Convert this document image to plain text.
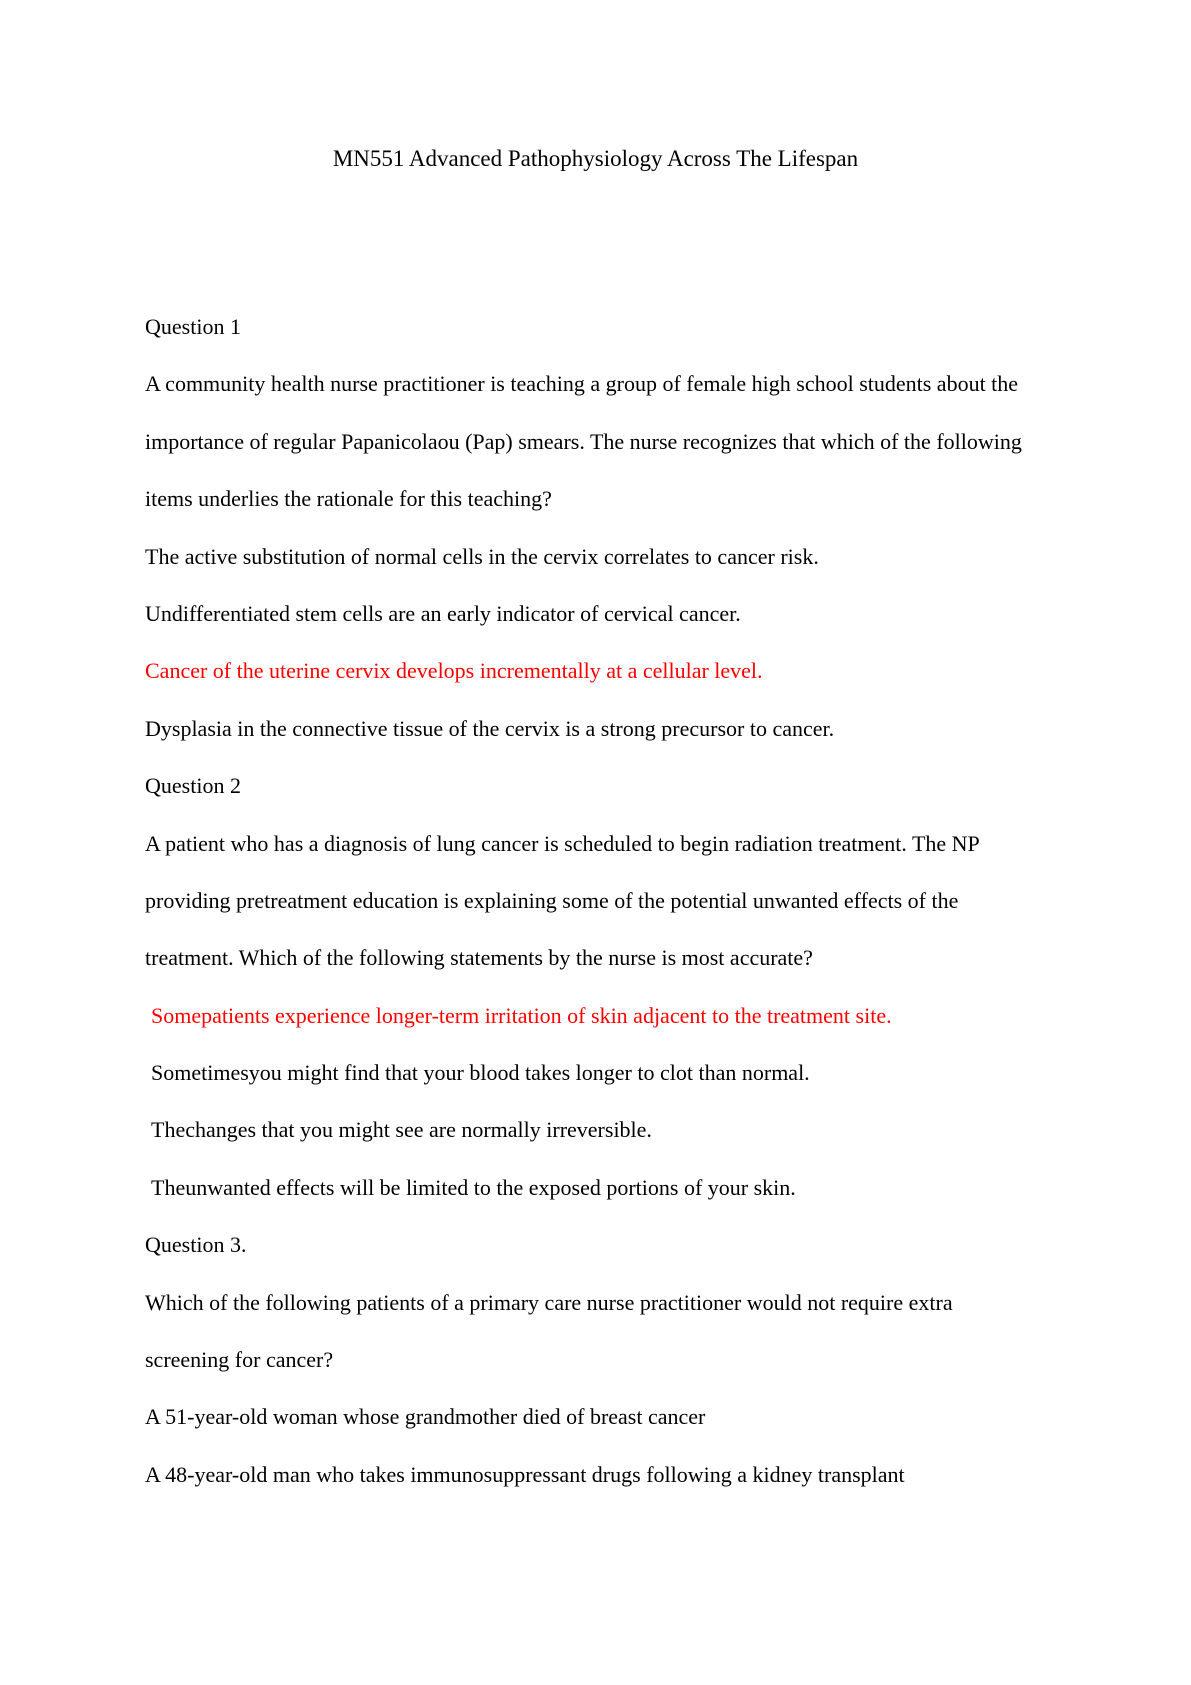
MN551 Advanced Pathophysiology Across The Lifespan
Question 1
A community health nurse practitioner is teaching a group of female high school students about the
importance of regular Papanicolaou (Pap) smears. The nurse recognizes that which of the following
items underlies the rationale for this teaching?
The active substitution of normal cells in the cervix correlates to cancer risk.
Undifferentiated stem cells are an early indicator of cervical cancer.
Cancer of the uterine cervix develops incrementally at a cellular level.
Dysplasia in the connective tissue of the cervix is a strong precursor to cancer.
Question 2
A patient who has a diagnosis of lung cancer is scheduled to begin radiation treatment. The NP
providing pretreatment education is explaining some of the potential unwanted effects of the
treatment. Which of the following statements by the nurse is most accurate?
Somepatients experience longer-term irritation of skin adjacent to the treatment site.
Sometimesyou might find that your blood takes longer to clot than normal.
Thechanges that you might see are normally irreversible.
Theunwanted effects will be limited to the exposed portions of your skin.
Question 3.
Which of the following patients of a primary care nurse practitioner would not require extra
screening for cancer?
A 51-year-old woman whose grandmother died of breast cancer
A 48-year-old man who takes immunosuppressant drugs following a kidney transplant
